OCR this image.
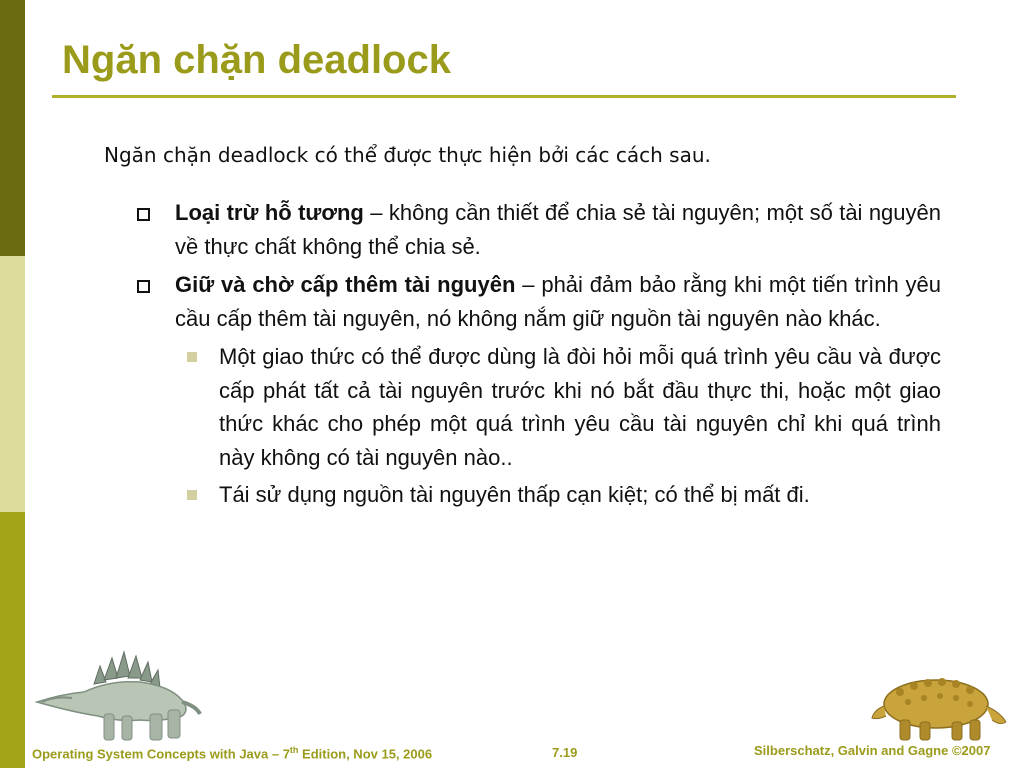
Ngăn chặn deadlock
Ngăn chặn deadlock có thể được thực hiện bởi các cách sau.
Loại trừ hỗ tương – không cần thiết để chia sẻ tài nguyên; một số tài nguyên về thực chất không thể chia sẻ.
Giữ và chờ cấp thêm tài nguyên – phải đảm bảo rằng khi một tiến trình yêu cầu cấp thêm tài nguyên, nó không nắm giữ nguồn tài nguyên nào khác.
Một giao thức có thể được dùng là đòi hỏi mỗi quá trình yêu cầu và được cấp phát tất cả tài nguyên trước khi nó bắt đầu thực thi, hoặc một giao thức khác cho phép một quá trình yêu cầu tài nguyên chỉ khi quá trình này không có tài nguyên nào..
Tái sử dụng nguồn tài nguyên thấp cạn kiệt; có thể bị mất đi.
Operating System Concepts with Java – 7th Edition, Nov 15, 2006	7.19	Silberschatz, Galvin and Gagne ©2007
